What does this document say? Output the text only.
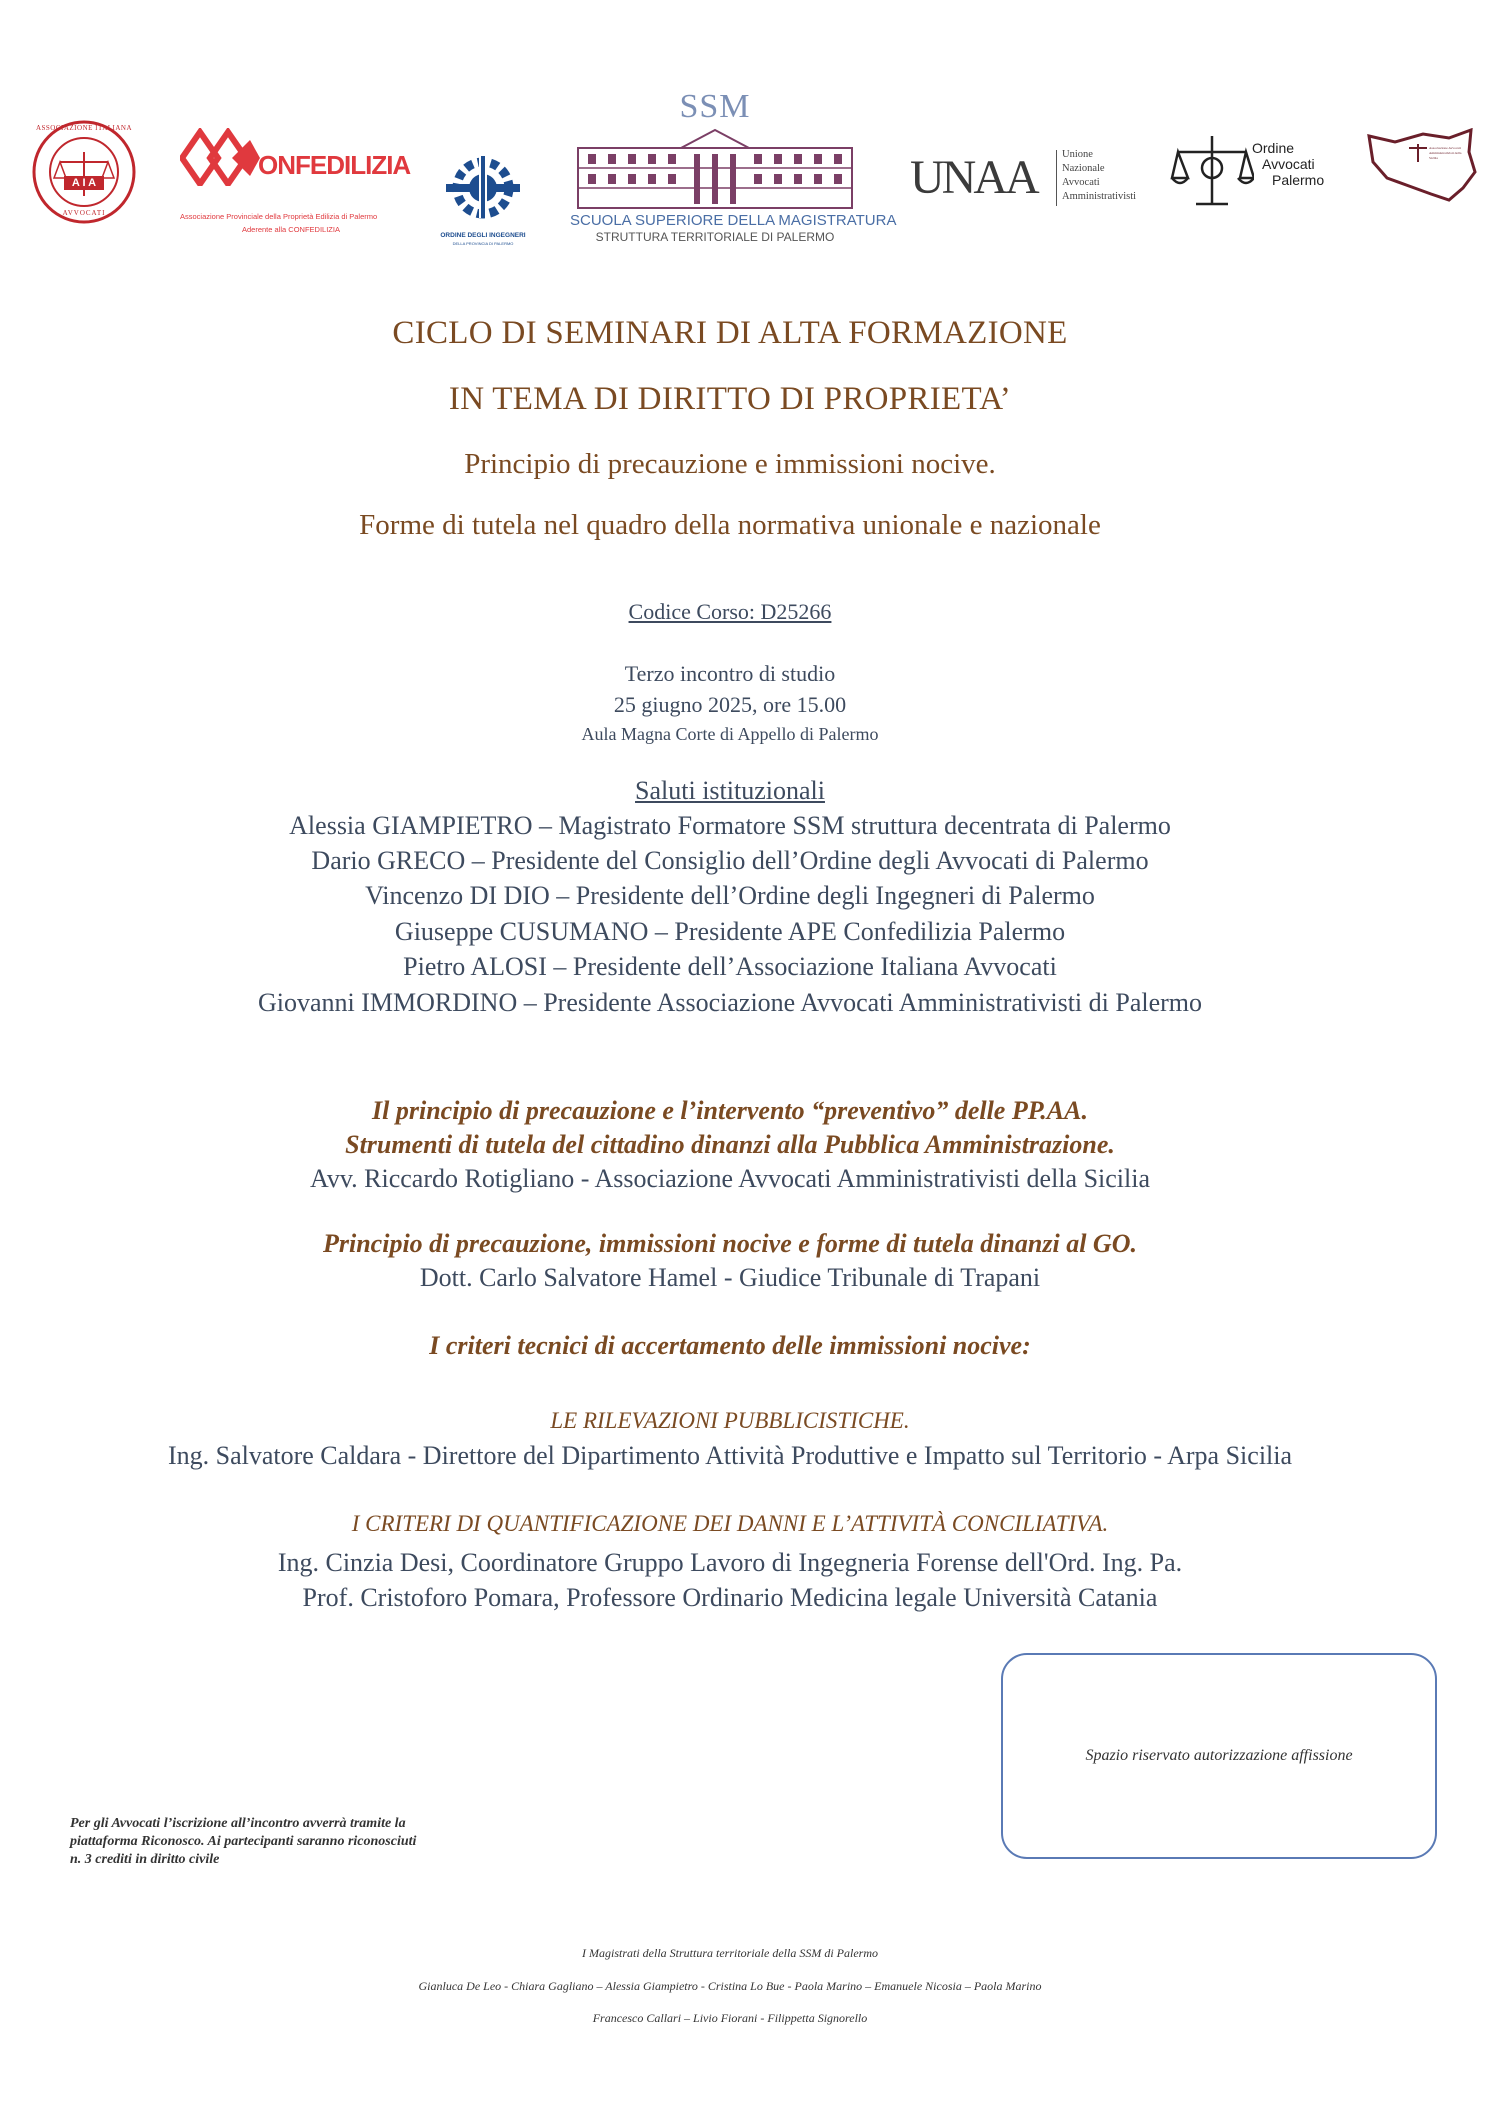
A I A
ASSOCIAZIONE ITALIANA
AVVOCATI
ONFEDILIZIA
Associazione Provinciale della Proprietà Edilizia di Palermo
Aderente alla CONFEDILIZIA
ORDINE DEGLI INGEGNERI
DELLA PROVINCIA DI PALERMO
SSM
SCUOLA SUPERIORE DELLA MAGISTRATURA
STRUTTURA TERRITORIALE DI PALERMO
UNAA Unione
Nazionale
Avvocati
Amministrativisti
Ordine
Avvocati
Palermo
Associazione Avvocati Amministrativisti della Sicilia
CICLO DI SEMINARI DI ALTA FORMAZIONE
IN TEMA DI DIRITTO DI PROPRIETA’
Principio di precauzione e immissioni nocive.
Forme di tutela nel quadro della normativa unionale e nazionale
Codice Corso: D25266
Terzo incontro di studio
25 giugno 2025, ore 15.00
Aula Magna Corte di Appello di Palermo
Saluti istituzionali
Alessia GIAMPIETRO – Magistrato Formatore SSM struttura decentrata di Palermo
Dario GRECO – Presidente del Consiglio dell’Ordine degli Avvocati di Palermo
Vincenzo DI DIO – Presidente dell’Ordine degli Ingegneri di Palermo
Giuseppe CUSUMANO – Presidente APE Confedilizia Palermo
Pietro ALOSI – Presidente dell’Associazione Italiana Avvocati
Giovanni IMMORDINO – Presidente Associazione Avvocati Amministrativisti di Palermo
Il principio di precauzione e l’intervento “preventivo” delle PP.AA.
Strumenti di tutela del cittadino dinanzi alla Pubblica Amministrazione.
Avv. Riccardo Rotigliano - Associazione Avvocati Amministrativisti della Sicilia
Principio di precauzione, immissioni nocive e forme di tutela dinanzi al GO.
Dott. Carlo Salvatore Hamel - Giudice Tribunale di Trapani
I criteri tecnici di accertamento delle immissioni nocive:
LE RILEVAZIONI PUBBLICISTICHE.
Ing. Salvatore Caldara - Direttore del Dipartimento Attività Produttive e Impatto sul Territorio - Arpa Sicilia
I CRITERI DI QUANTIFICAZIONE DEI DANNI E L’ATTIVITÀ CONCILIATIVA.
Ing. Cinzia Desi, Coordinatore Gruppo Lavoro di Ingegneria Forense dell'Ord. Ing. Pa.
Prof. Cristoforo Pomara, Professore Ordinario Medicina legale Università Catania
Spazio riservato autorizzazione affissione
Per gli Avvocati l’iscrizione all’incontro avverrà tramite la piattaforma Riconosco. Ai partecipanti saranno riconosciuti n. 3 crediti in diritto civile
I Magistrati della Struttura territoriale della SSM di Palermo
Gianluca De Leo - Chiara Gagliano – Alessia Giampietro - Cristina Lo Bue - Paola Marino – Emanuele Nicosia – Paola Marino
Francesco Callari – Livio Fiorani - Filippetta Signorello
